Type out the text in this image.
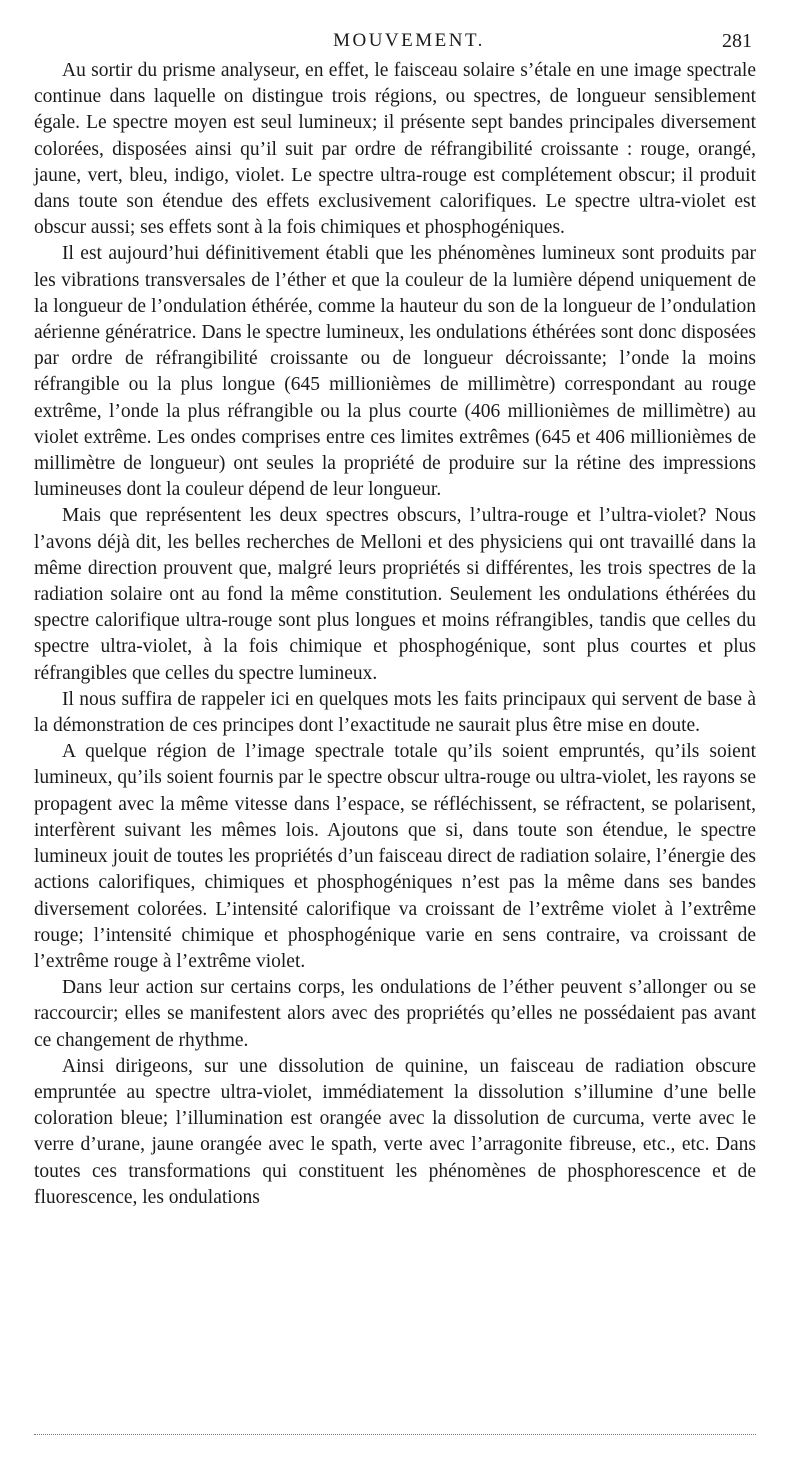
MOUVEMENT.	281

Au sortir du prisme analyseur, en effet, le faisceau solaire s’étale en une image spectrale continue dans laquelle on distingue trois régions, ou spectres, de longueur sensiblement égale. Le spectre moyen est seul lumineux; il présente sept bandes principales diversement colorées, disposées ainsi qu’il suit par ordre de réfrangibilité croissante : rouge, orangé, jaune, vert, bleu, indigo, violet. Le spectre ultra-rouge est complétement obscur; il produit dans toute son étendue des effets exclusivement calorifiques. Le spectre ultra-violet est obscur aussi; ses effets sont à la fois chimiques et phosphogéniques.

Il est aujourd’hui définitivement établi que les phénomènes lumineux sont produits par les vibrations transversales de l’éther et que la couleur de la lumière dépend uniquement de la longueur de l’ondulation éthérée, comme la hauteur du son de la longueur de l’ondulation aérienne génératrice. Dans le spectre lumineux, les ondulations éthérées sont donc disposées par ordre de réfrangibilité croissante ou de longueur décroissante; l’onde la moins réfrangible ou la plus longue (645 millionièmes de millimètre) correspondant au rouge extrême, l’onde la plus réfrangible ou la plus courte (406 millionièmes de millimètre) au violet extrême. Les ondes comprises entre ces limites extrêmes (645 et 406 millionièmes de millimètre de longueur) ont seules la propriété de produire sur la rétine des impressions lumineuses dont la couleur dépend de leur longueur.

Mais que représentent les deux spectres obscurs, l’ultra-rouge et l’ultra-violet? Nous l’avons déjà dit, les belles recherches de Melloni et des physiciens qui ont travaillé dans la même direction prouvent que, malgré leurs propriétés si différentes, les trois spectres de la radiation solaire ont au fond la même constitution. Seulement les ondulations éthérées du spectre calorifique ultra-rouge sont plus longues et moins réfrangibles, tandis que celles du spectre ultra-violet, à la fois chimique et phosphogénique, sont plus courtes et plus réfrangibles que celles du spectre lumineux.

Il nous suffira de rappeler ici en quelques mots les faits principaux qui servent de base à la démonstration de ces principes dont l’exactitude ne saurait plus être mise en doute.

A quelque région de l’image spectrale totale qu’ils soient empruntés, qu’ils soient lumineux, qu’ils soient fournis par le spectre obscur ultra-rouge ou ultra-violet, les rayons se propagent avec la même vitesse dans l’espace, se réfléchissent, se réfractent, se polarisent, interfèrent suivant les mêmes lois. Ajoutons que si, dans toute son étendue, le spectre lumineux jouit de toutes les propriétés d’un faisceau direct de radiation solaire, l’énergie des actions calorifiques, chimiques et phosphogéniques n’est pas la même dans ses bandes diversement colorées. L’intensité calorifique va croissant de l’extrême violet à l’extrême rouge; l’intensité chimique et phosphogénique varie en sens contraire, va croissant de l’extrême rouge à l’extrême violet.

Dans leur action sur certains corps, les ondulations de l’éther peuvent s’allonger ou se raccourcir; elles se manifestent alors avec des propriétés qu’elles ne possédaient pas avant ce changement de rhythme.

Ainsi dirigeons, sur une dissolution de quinine, un faisceau de radiation obscure empruntée au spectre ultra-violet, immédiatement la dissolution s’illumine d’une belle coloration bleue; l’illumination est orangée avec la dissolution de curcuma, verte avec le verre d’urane, jaune orangée avec le spath, verte avec l’arragonite fibreuse, etc., etc. Dans toutes ces transformations qui constituent les phénomènes de phosphorescence et de fluorescence, les ondulations
